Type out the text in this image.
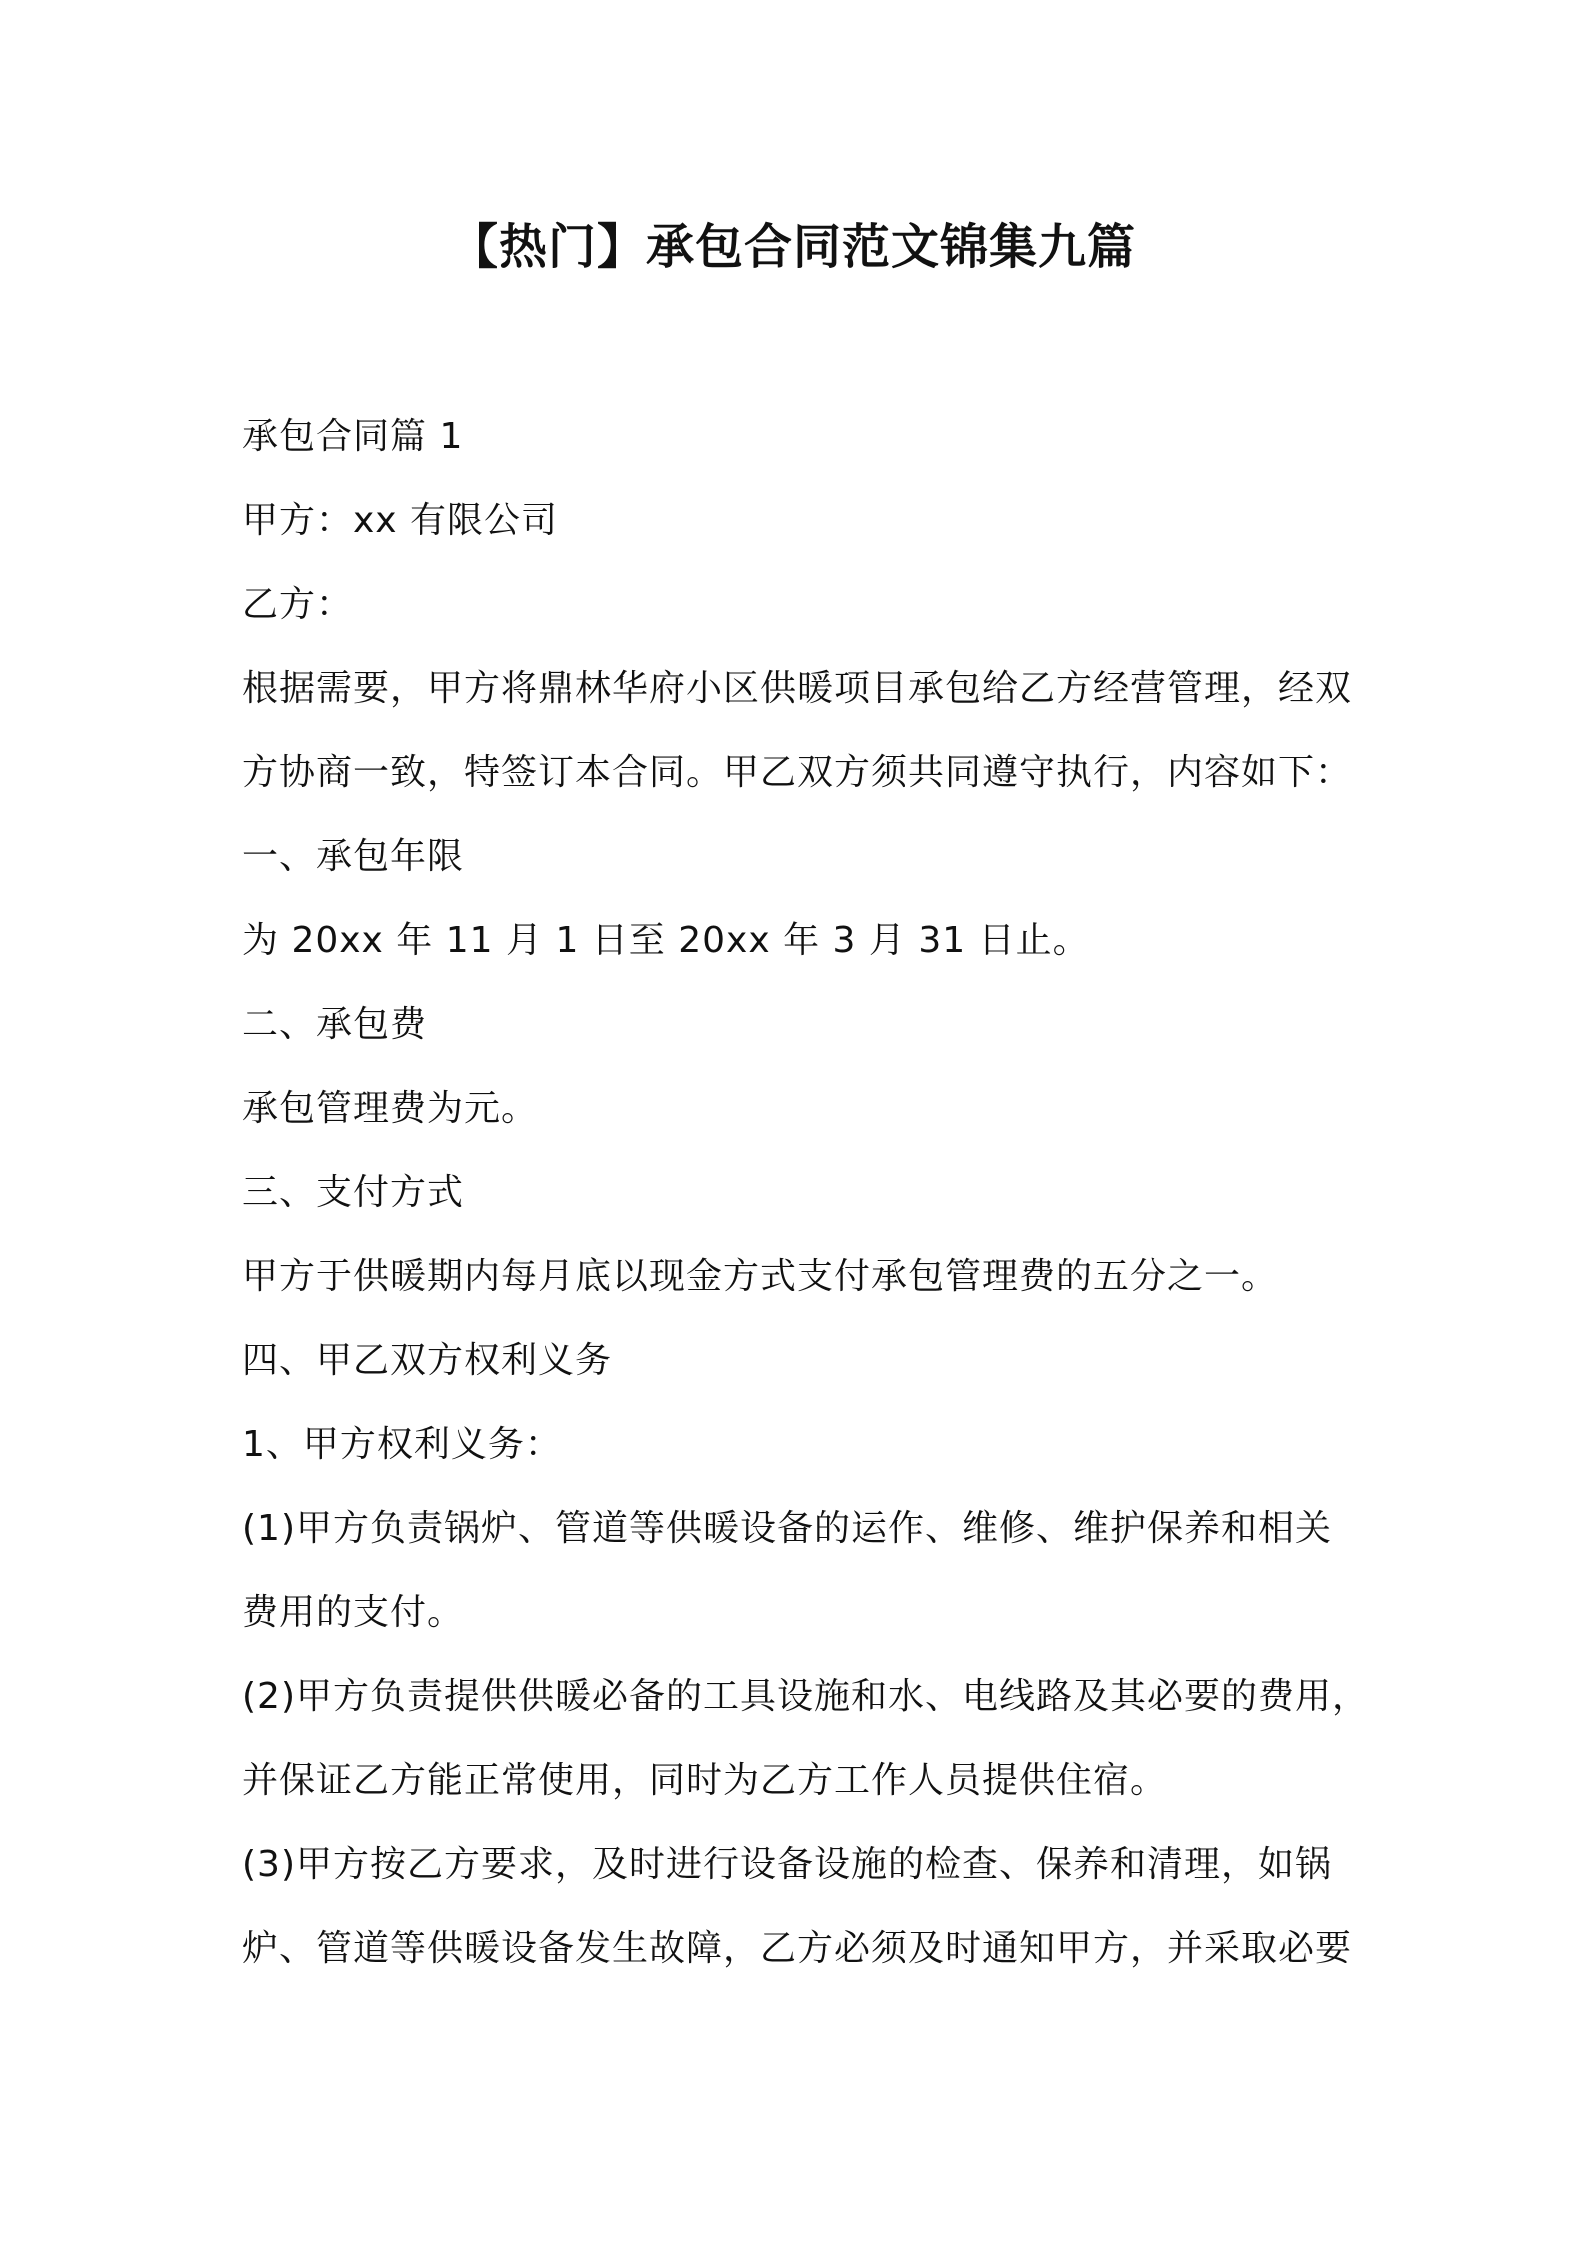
【热门】承包合同范文锦集九篇
承包合同篇 1
甲方：xx 有限公司
乙方：
根据需要，甲方将鼎林华府小区供暖项目承包给乙方经营管理，经双
方协商一致，特签订本合同。甲乙双方须共同遵守执行，内容如下：
一、承包年限
为 20xx 年 11 月 1 日至 20xx 年 3 月 31 日止。
二、承包费
承包管理费为元。
三、支付方式
甲方于供暖期内每月底以现金方式支付承包管理费的五分之一。
四、甲乙双方权利义务
1、甲方权利义务：
(1)甲方负责锅炉、管道等供暖设备的运作、维修、维护保养和相关
费用的支付。
(2)甲方负责提供供暖必备的工具设施和水、电线路及其必要的费用，
并保证乙方能正常使用，同时为乙方工作人员提供住宿。
(3)甲方按乙方要求，及时进行设备设施的检查、保养和清理，如锅
炉、管道等供暖设备发生故障，乙方必须及时通知甲方，并采取必要
